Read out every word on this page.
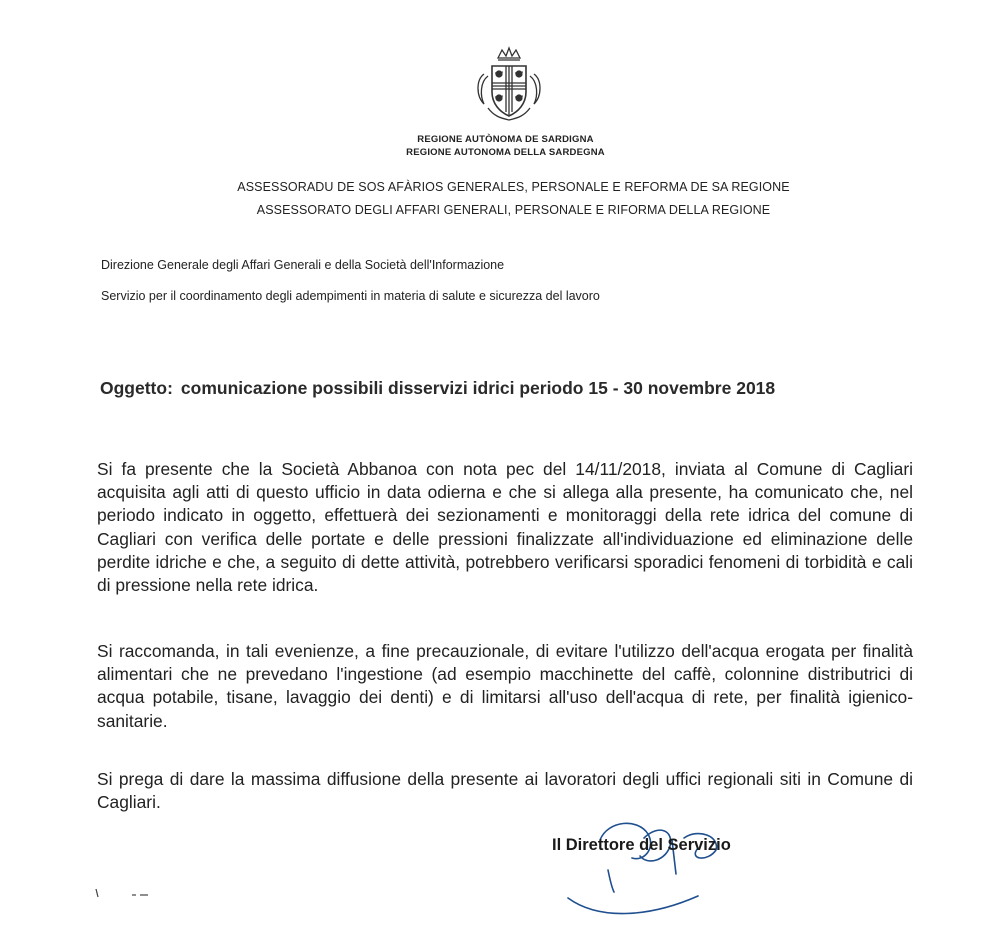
REGIONE AUTÒNOMA DE SARDIGNA
REGIONE AUTONOMA DELLA SARDEGNA
ASSESSORADU DE SOS AFÀRIOS GENERALES, PERSONALE E REFORMA DE SA REGIONE
ASSESSORATO DEGLI AFFARI GENERALI, PERSONALE E RIFORMA DELLA REGIONE
Direzione Generale degli Affari Generali e della Società dell'Informazione
Servizio per il coordinamento degli adempimenti in materia di salute e sicurezza del lavoro
Oggetto: comunicazione possibili disservizi idrici periodo 15 - 30 novembre 2018
Si fa presente che la Società Abbanoa con nota pec del 14/11/2018, inviata al Comune di Cagliari acquisita agli atti di questo ufficio in data odierna e che si allega alla presente, ha comunicato che, nel periodo indicato in oggetto, effettuerà dei sezionamenti e monitoraggi della rete idrica del comune di Cagliari con verifica delle portate e delle pressioni finalizzate all'individuazione ed eliminazione delle perdite idriche e che, a seguito di dette attività, potrebbero verificarsi sporadici fenomeni di torbidità e cali di pressione nella rete idrica.
Si raccomanda, in tali evenienze, a fine precauzionale, di evitare l'utilizzo dell'acqua erogata per finalità alimentari che ne prevedano l'ingestione (ad esempio macchinette del caffè, colonnine distributrici di acqua potabile, tisane, lavaggio dei denti) e di limitarsi all'uso dell'acqua di rete, per finalità igienico-sanitarie.
Si prega di dare la massima diffusione della presente ai lavoratori degli uffici regionali siti in Comune di Cagliari.
Il Direttore del Servizio
